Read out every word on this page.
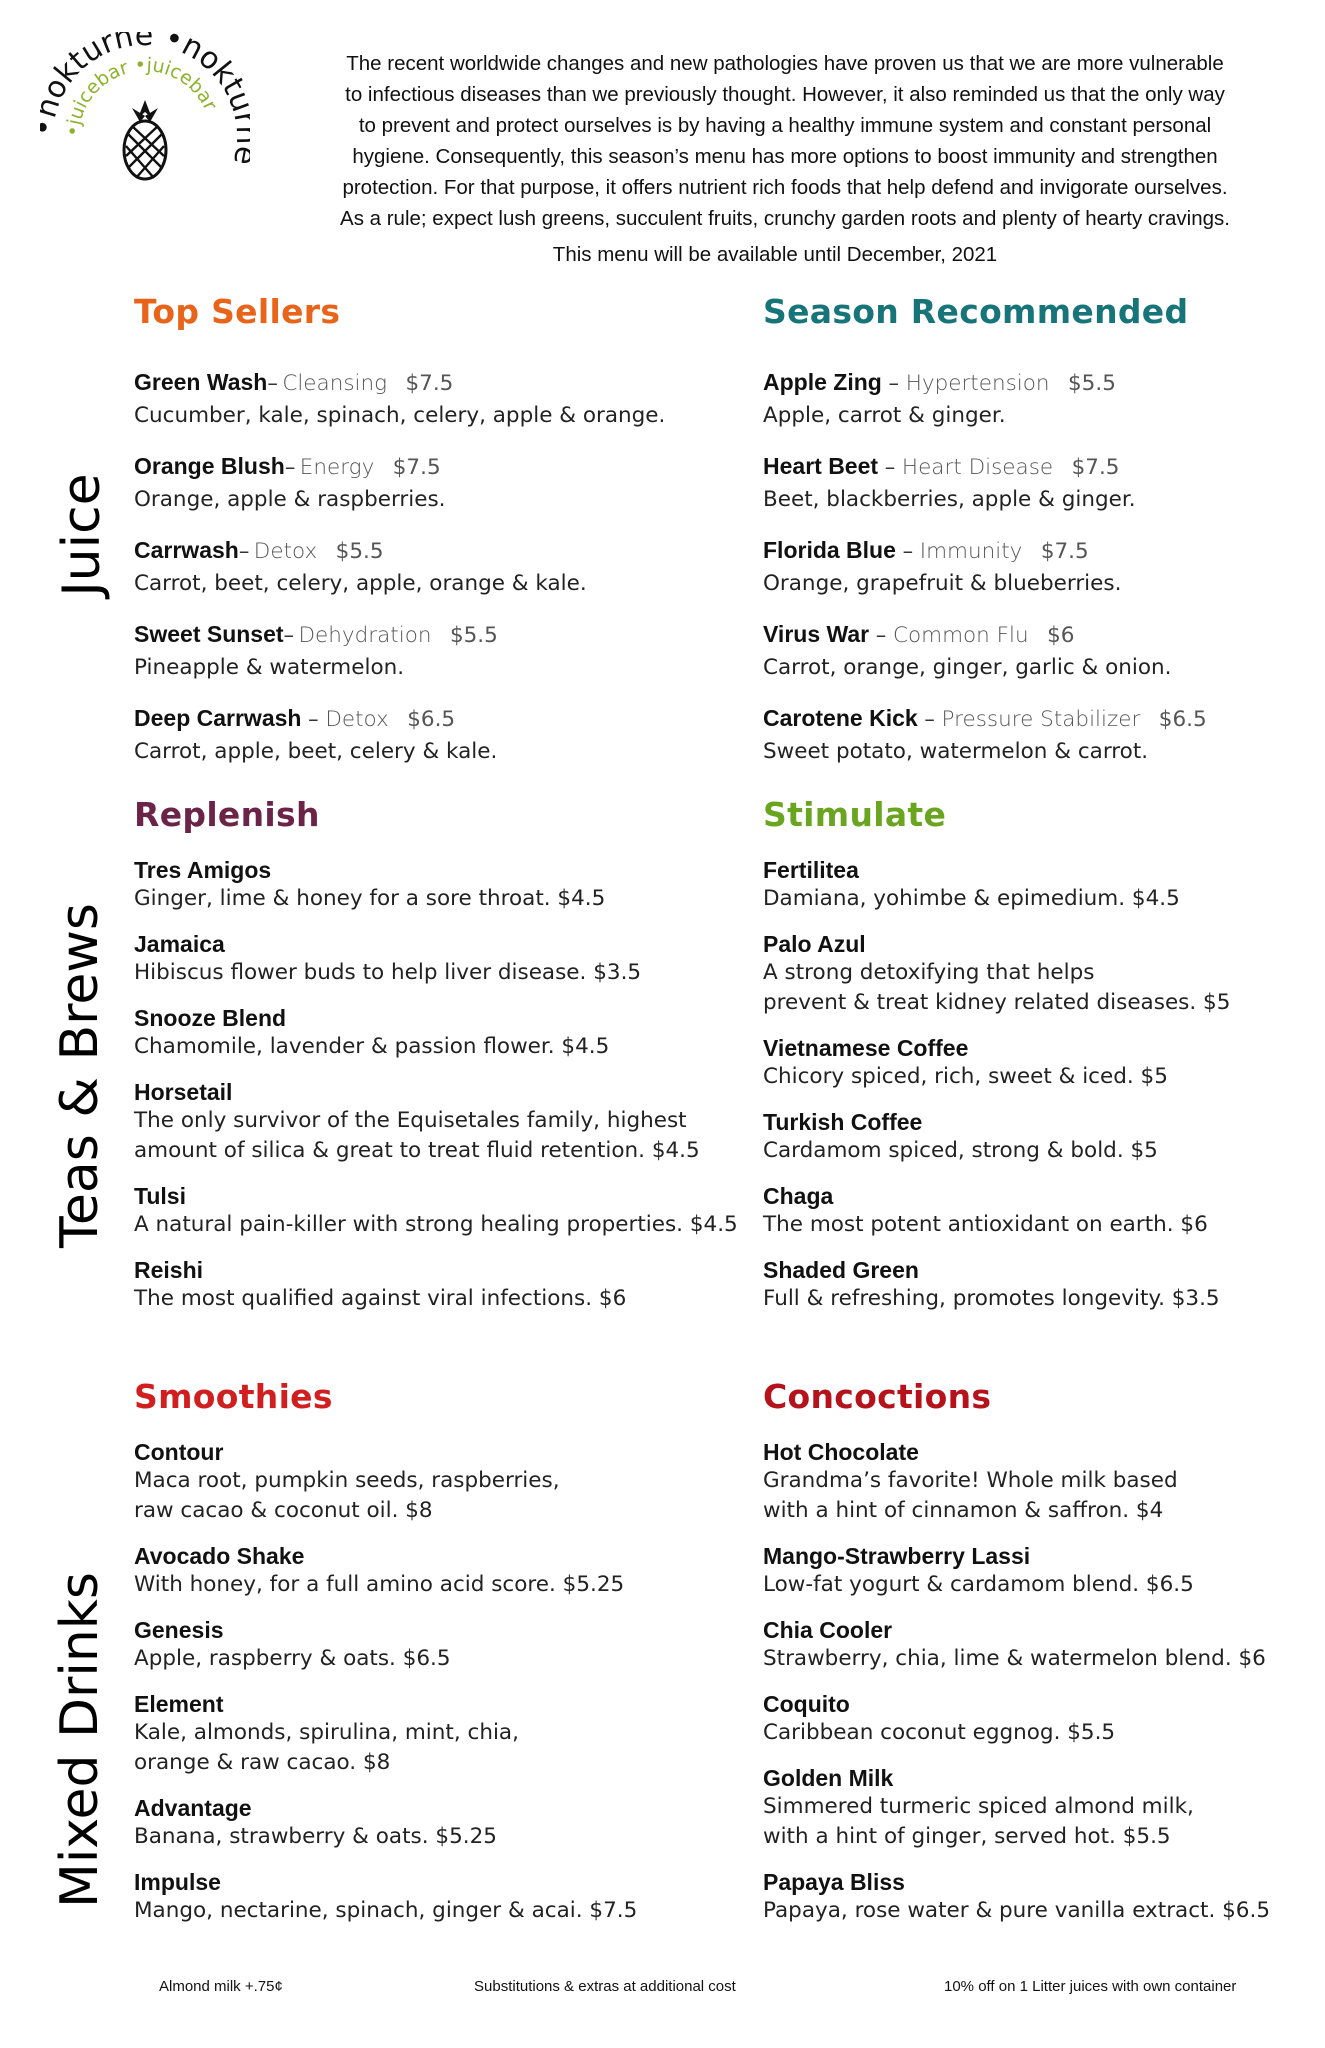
okturne •nokt
•juicebar •juicebar

The recent worldwide changes and new pathologies have proven us that we are more vulnerable

to infectious diseases than we previously thought. However, it also reminded us that the only way

to prevent and protect ourselves is by having a healthy immune system and constant personal

hygiene. Consequently, this season’s menu has more options to boost immunity and strengthen

protection. For that purpose, it offers nutrient rich foods that help defend and invigorate ourselves.

As a rule; expect lush greens, succulent fruits, crunchy garden roots and plenty of hearty cravings.

This menu will be available until December, 2021
Juice
Teas & Brews
Mixed Drinks
Top Sellers
Green Wash– Cleansing $7.5
Cucumber, kale, spinach, celery, apple & orange.
Orange Blush– Energy $7.5
Orange, apple & raspberries.
Carrwash– Detox $5.5
Carrot, beet, celery, apple, orange & kale.
Sweet Sunset– Dehydration $5.5
Pineapple & watermelon.
Deep Carrwash – Detox $6.5
Carrot, apple, beet, celery & kale.
Season Recommended
Apple Zing – Hypertension $5.5
Apple, carrot & ginger.
Heart Beet – Heart Disease $7.5
Beet, blackberries, apple & ginger.
Florida Blue – Immunity $7.5
Orange, grapefruit & blueberries.
Virus War – Common Flu $6
Carrot, orange, ginger, garlic & onion.
Carotene Kick – Pressure Stabilizer $6.5
Sweet potato, watermelon & carrot.
Replenish
Tres Amigos
Ginger, lime & honey for a sore throat. $4.5
Jamaica
Hibiscus flower buds to help liver disease. $3.5
Snooze Blend
Chamomile, lavender & passion flower. $4.5
Horsetail
The only survivor of the Equisetales family, highest
amount of silica & great to treat fluid retention. $4.5
Tulsi
A natural pain-killer with strong healing properties. $4.5
Reishi
The most qualified against viral infections. $6
Stimulate
Fertilitea
Damiana, yohimbe & epimedium. $4.5
Palo Azul
A strong detoxifying that helps
prevent & treat kidney related diseases. $5
Vietnamese Coffee
Chicory spiced, rich, sweet & iced. $5
Turkish Coffee
Cardamom spiced, strong & bold. $5
Chaga
The most potent antioxidant on earth. $6
Shaded Green
Full & refreshing, promotes longevity. $3.5
Smoothies
Contour
Maca root, pumpkin seeds, raspberries,
raw cacao & coconut oil. $8
Avocado Shake
With honey, for a full amino acid score. $5.25
Genesis
Apple, raspberry & oats. $6.5
Element
Kale, almonds, spirulina, mint, chia,
orange & raw cacao. $8
Advantage
Banana, strawberry & oats. $5.25
Impulse
Mango, nectarine, spinach, ginger & acai. $7.5
Concoctions
Hot Chocolate
Grandma’s favorite! Whole milk based
with a hint of cinnamon & saffron. $4
Mango-Strawberry Lassi
Low-fat yogurt & cardamom blend. $6.5
Chia Cooler
Strawberry, chia, lime & watermelon blend. $6
Coquito
Caribbean coconut eggnog. $5.5
Golden Milk
Simmered turmeric spiced almond milk,
with a hint of ginger, served hot. $5.5
Papaya Bliss
Papaya, rose water & pure vanilla extract. $6.5
Almond milk +.75¢	Substitutions & extras at additional cost	10% off on 1 Litter juices with own container
